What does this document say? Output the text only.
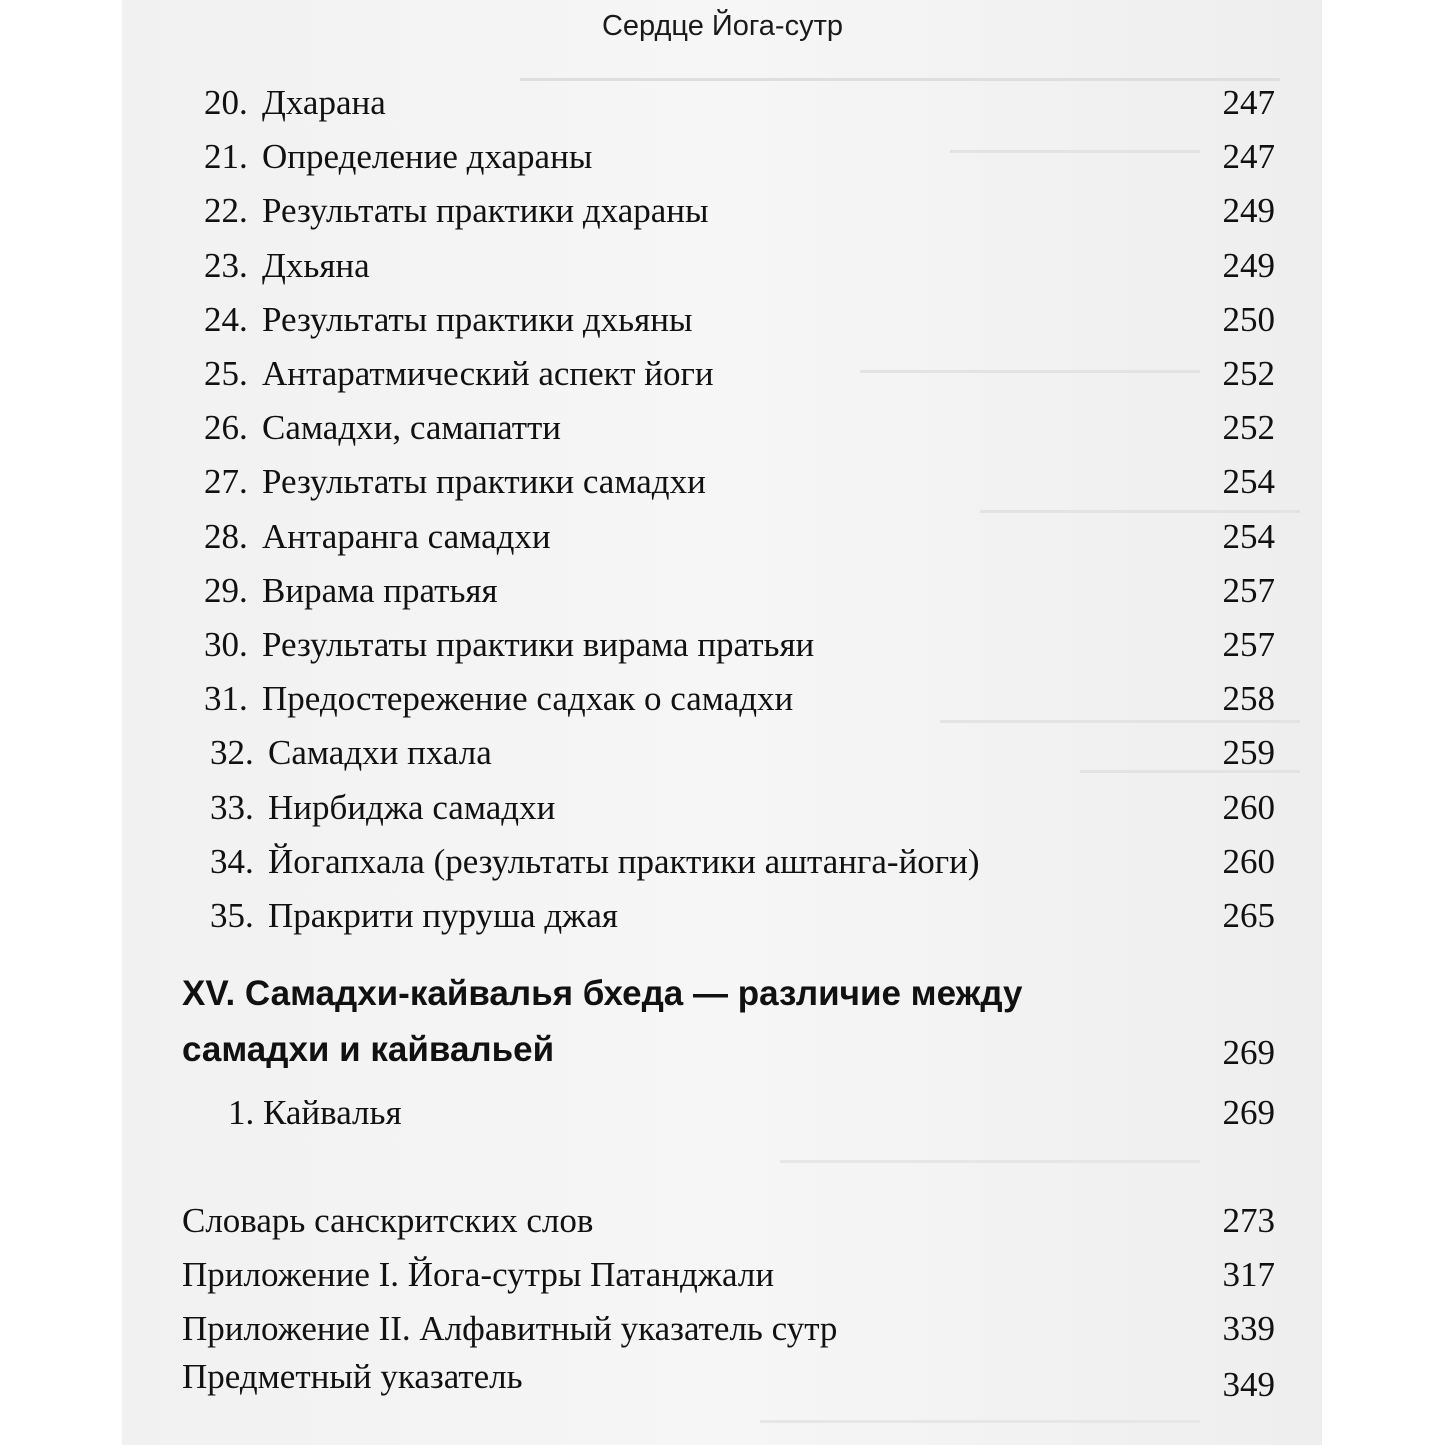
Сердце Йога-сутр
20. Дхарана	247
21. Определение дхараны	247
22. Результаты практики дхараны	249
23. Дхьяна	249
24. Результаты практики дхьяны	250
25. Антаратмический аспект йоги	252
26. Самадхи, самапатти	252
27. Результаты практики самадхи	254
28. Антаранга самадхи	254
29. Вирама пратьяя	257
30. Результаты практики вирама пратьяи	257
31. Предостережение садхак о самадхи	258
32. Самадхи пхала	259
33. Нирбиджа самадхи	260
34. Йогапхала (результаты практики аштанга-йоги)	260
35. Пракрити пуруша джая	265
XV. Самадхи-кайвалья бхеда — различие между
самадхи и кайвальей	269
1. Кайвалья	269
Словарь санскритских слов	273
Приложение I. Йога-сутры Патанджали	317
Приложение II. Алфавитный указатель сутр	339
Предметный указатель	349
